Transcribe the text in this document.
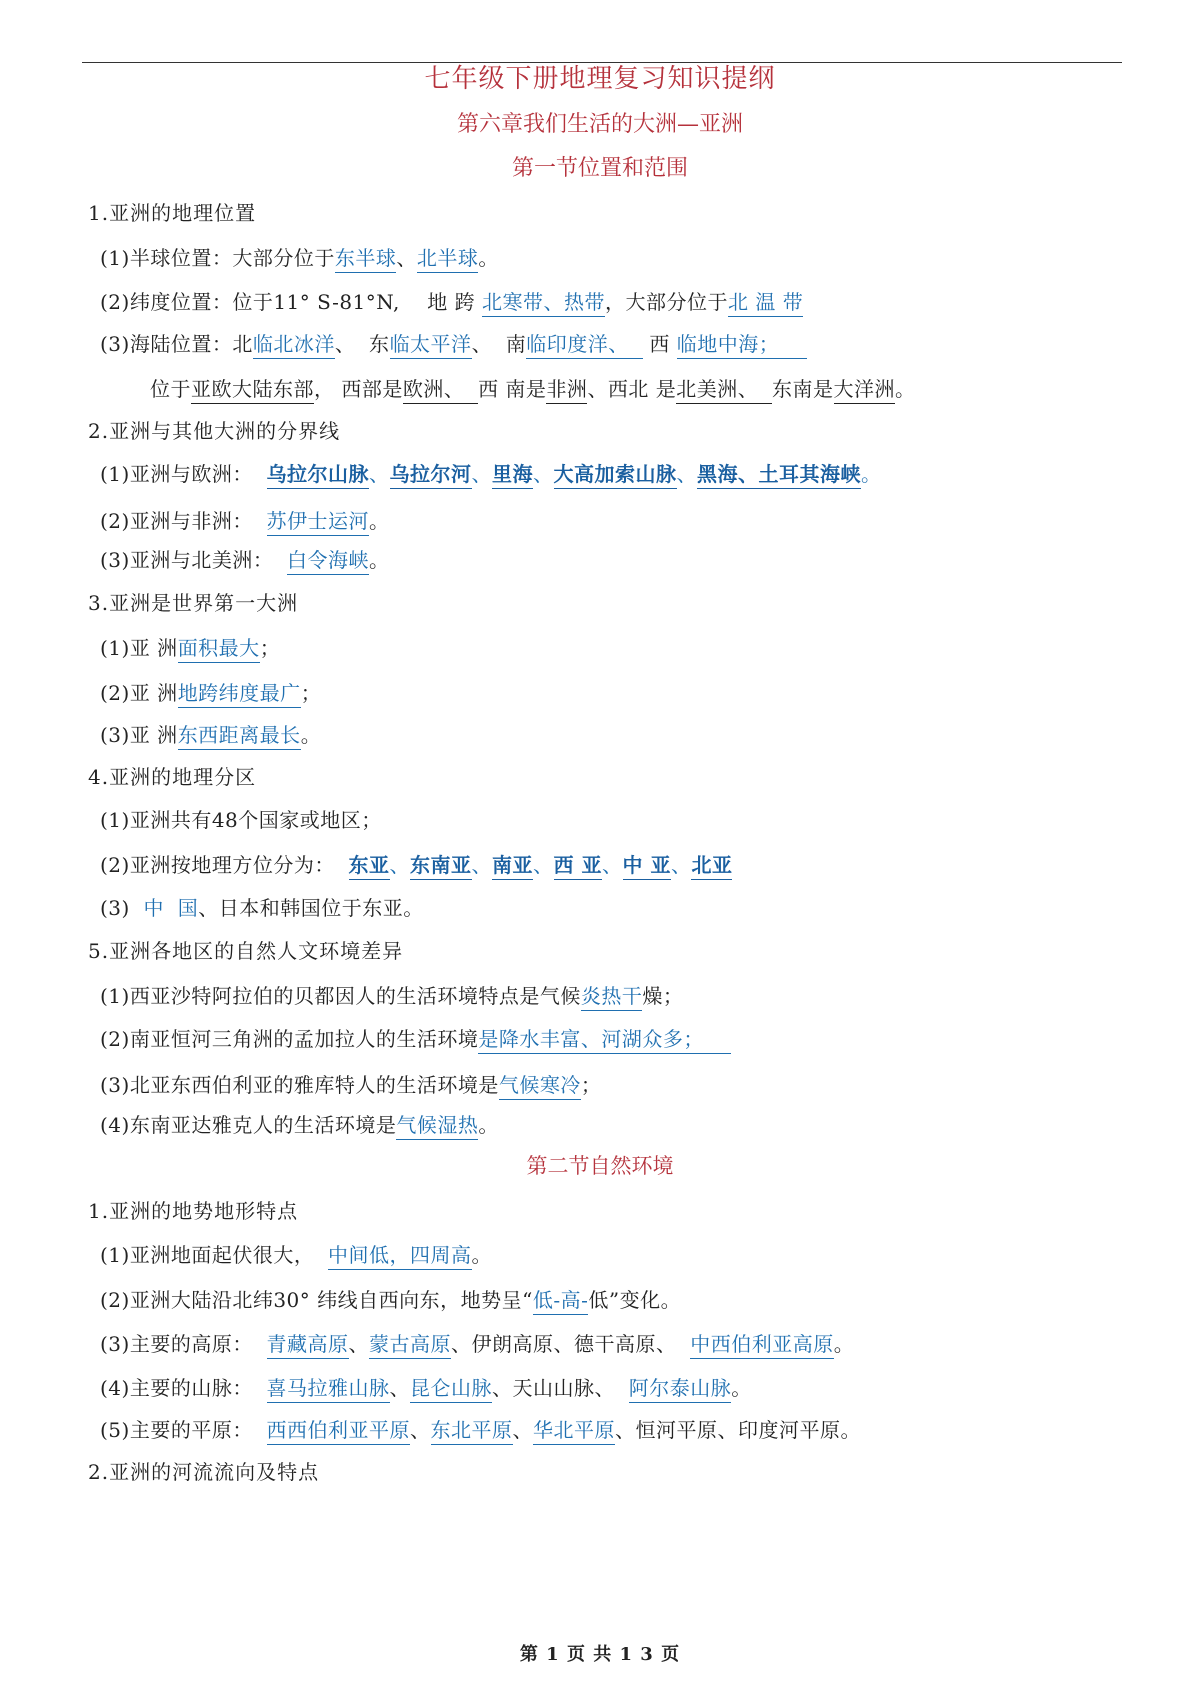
七年级下册地理复习知识提纲
第六章我们生活的大洲—亚洲
第一节位置和范围
1.亚洲的地理位置
(1)半球位置：大部分位于东半球、北半球。
(2)纬度位置：位于11° S-81°N,    地 跨 北寒带、热带，大部分位于北 温 带
(3)海陆位置：北临北冰洋、  东临太平洋、  南临印度洋、   西 临地中海；
位于亚欧大陆东部， 西部是欧洲、  西 南是非洲、西北 是北美洲、  东南是大洋洲。
2.亚洲与其他大洲的分界线
(1)亚洲与欧洲：  乌拉尔山脉、乌拉尔河、里海、大高加索山脉、黑海、土耳其海峡。
(2)亚洲与非洲：  苏伊士运河。
(3)亚洲与北美洲：  白令海峡。
3.亚洲是世界第一大洲
(1)亚 洲面积最大；
(2)亚 洲地跨纬度最广；
(3)亚 洲东西距离最长。
4.亚洲的地理分区
(1)亚洲共有48个国家或地区；
(2)亚洲按地理方位分为：  东亚、东南亚、南亚、西 亚、中 亚、北亚
(3)  中  国、日本和韩国位于东亚。
5.亚洲各地区的自然人文环境差异
(1)西亚沙特阿拉伯的贝都因人的生活环境特点是气候炎热干燥；
(2)南亚恒河三角洲的孟加拉人的生活环境是降水丰富、河湖众多；
(3)北亚东西伯利亚的雅库特人的生活环境是气候寒冷；
(4)东南亚达雅克人的生活环境是气候湿热。
第二节自然环境
1.亚洲的地势地形特点
(1)亚洲地面起伏很大，  中间低，四周高。
(2)亚洲大陆沿北纬30° 纬线自西向东，地势呈“低-高-低”变化。
(3)主要的高原：  青藏高原、蒙古高原、伊朗高原、德干高原、  中西伯利亚高原。
(4)主要的山脉：  喜马拉雅山脉、昆仑山脉、天山山脉、  阿尔泰山脉。
(5)主要的平原：  西西伯利亚平原、东北平原、华北平原、恒河平原、印度河平原。
2.亚洲的河流流向及特点
第 1 页 共 1 3 页
